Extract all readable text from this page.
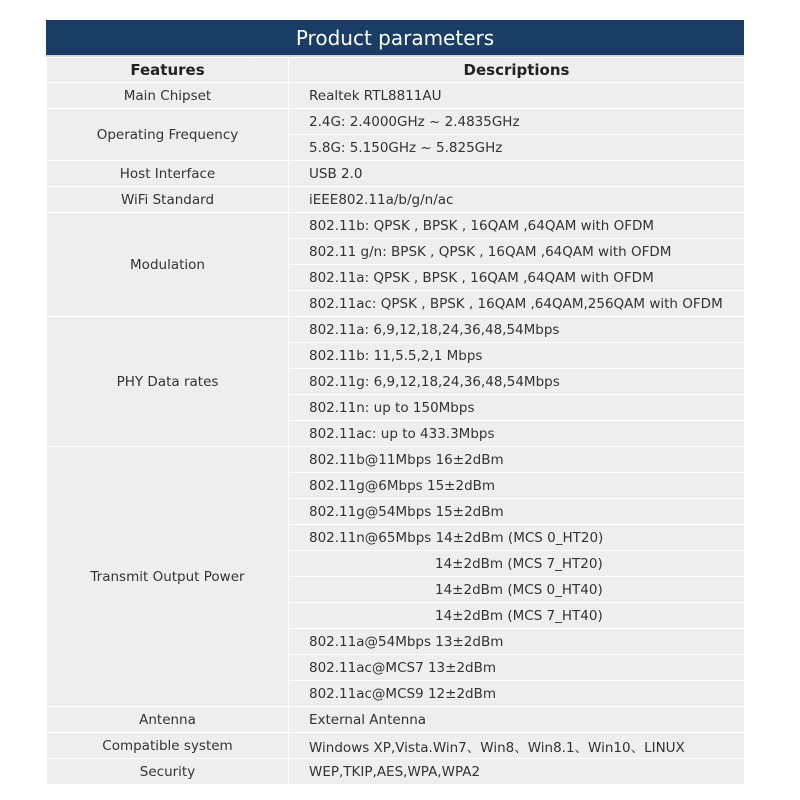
Product parameters
Features	Descriptions
Main Chipset	Realtek RTL8811AU
Operating Frequency	2.4G: 2.4000GHz ~ 2.4835GHz
	5.8G: 5.150GHz ~ 5.825GHz
Host Interface	USB 2.0
WiFi Standard	iEEE802.11a/b/g/n/ac
Modulation	802.11b: QPSK , BPSK , 16QAM ,64QAM with OFDM
	802.11 g/n: BPSK , QPSK , 16QAM ,64QAM with OFDM
	802.11a: QPSK , BPSK , 16QAM ,64QAM with OFDM
	802.11ac: QPSK , BPSK , 16QAM ,64QAM,256QAM with OFDM
PHY Data rates	802.11a: 6,9,12,18,24,36,48,54Mbps
	802.11b: 11,5.5,2,1 Mbps
	802.11g: 6,9,12,18,24,36,48,54Mbps
	802.11n: up to 150Mbps
	802.11ac: up to 433.3Mbps
Transmit Output Power	802.11b@11Mbps 16±2dBm
	802.11g@6Mbps 15±2dBm
	802.11g@54Mbps 15±2dBm
	802.11n@65Mbps 14±2dBm (MCS 0_HT20)
	14±2dBm (MCS 7_HT20)
	14±2dBm (MCS 0_HT40)
	14±2dBm (MCS 7_HT40)
	802.11a@54Mbps 13±2dBm
	802.11ac@MCS7 13±2dBm
	802.11ac@MCS9 12±2dBm
Antenna	External Antenna
Compatible system	Windows XP,Vista.Win7、Win8、Win8.1、Win10、LINUX
Security	WEP,TKIP,AES,WPA,WPA2
